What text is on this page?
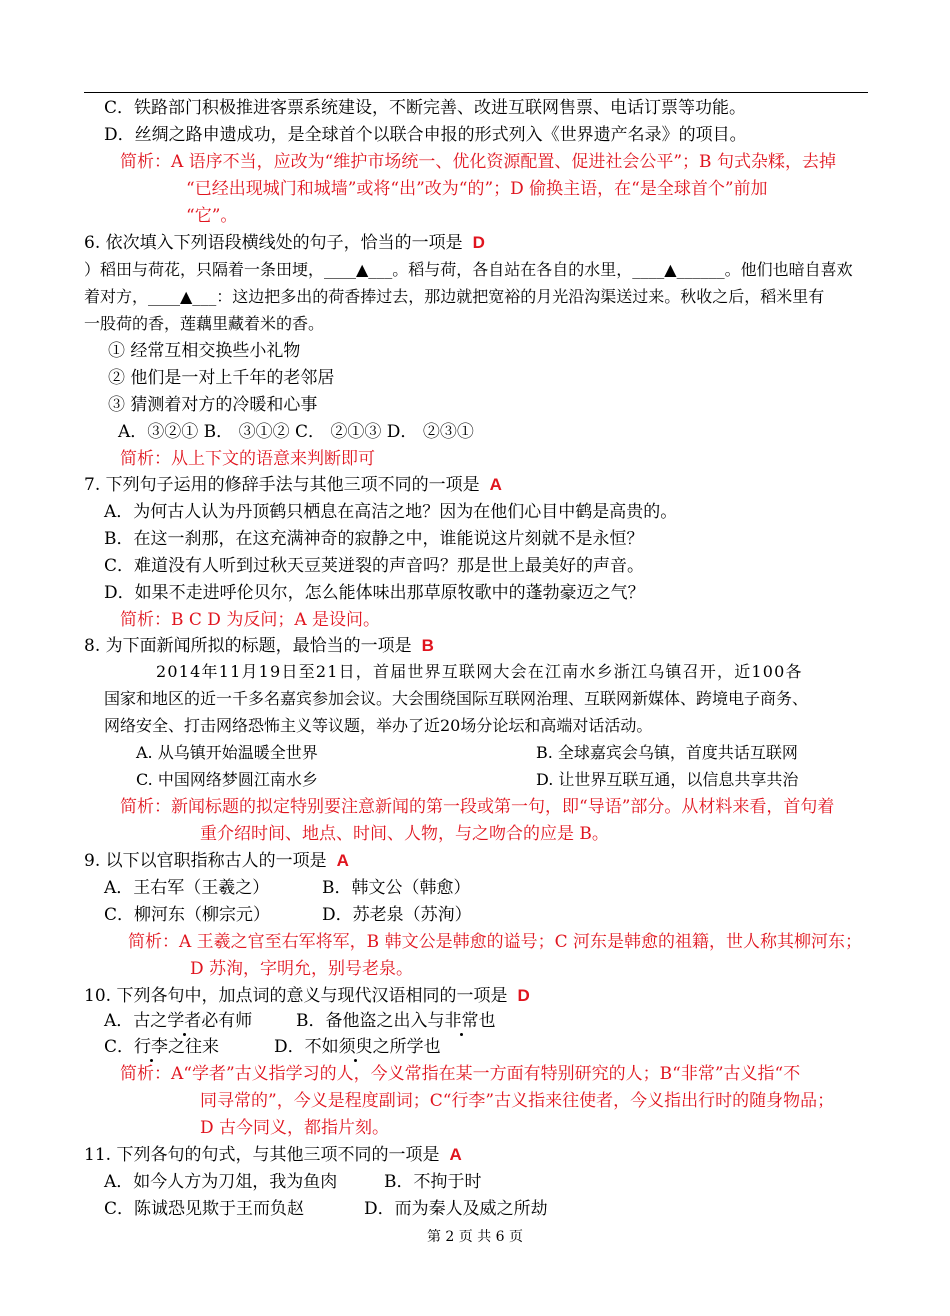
C．铁路部门积极推进客票系统建设，不断完善、改进互联网售票、电话订票等功能。
D．丝绸之路申遗成功，是全球首个以联合申报的形式列入《世界遗产名录》的项目。
简析：A 语序不当，应改为“维护市场统一、优化资源配置、促进社会公平”；B 句式杂糅，去掉
“已经出现城门和城墙”或将“出”改为“的”；D 偷换主语，在“是全球首个”前加
“它”。
6. 依次填入下列语段横线处的句子，恰当的一项是 D
）稻田与荷花，只隔着一条田埂，____▲___。稻与荷，各自站在各自的水里，____▲______。他们也暗自喜欢
着对方，____▲___：这边把多出的荷香捧过去，那边就把宽裕的月光沿沟渠送过来。秋收之后，稻米里有
一股荷的香，莲藕里藏着米的香。
① 经常互相交换些小礼物
② 他们是一对上千年的老邻居
③ 猜测着对方的冷暖和心事
A．③②① B． ③①② C． ②①③ D． ②③①
简析：从上下文的语意来判断即可
7. 下列句子运用的修辞手法与其他三项不同的一项是 A
A．为何古人认为丹顶鹤只栖息在高洁之地？因为在他们心目中鹤是高贵的。
B．在这一刹那，在这充满神奇的寂静之中，谁能说这片刻就不是永恒？
C．难道没有人听到过秋天豆荚迸裂的声音吗？那是世上最美好的声音。
D．如果不走进呼伦贝尔，怎么能体味出那草原牧歌中的蓬勃豪迈之气？
简析：B C D 为反问；A 是设问。
8. 为下面新闻所拟的标题，最恰当的一项是 B
2014年11月19日至21日，首届世界互联网大会在江南水乡浙江乌镇召开，近100各
国家和地区的近一千多名嘉宾参加会议。大会围绕国际互联网治理、互联网新媒体、跨境电子商务、
网络安全、打击网络恐怖主义等议题，举办了近20场分论坛和高端对话活动。
A. 从乌镇开始温暖全世界	B. 全球嘉宾会乌镇，首度共话互联网
C. 中国网络梦圆江南水乡	D. 让世界互联互通，以信息共享共治
简析：新闻标题的拟定特别要注意新闻的第一段或第一句，即“导语”部分。从材料来看，首句着
重介绍时间、地点、时间、人物，与之吻合的应是 B。
9. 以下以官职指称古人的一项是 A
A．王右军（王羲之）	B．韩文公（韩愈）
C．柳河东（柳宗元）	D．苏老泉（苏洵）
简析：A 王羲之官至右军将军，B 韩文公是韩愈的谥号；C 河东是韩愈的祖籍，世人称其柳河东；
D 苏洵，字明允，别号老泉。
10. 下列各句中，加点词的意义与现代汉语相同的一项是 D
A．古之学者必有师	B．备他盗之出入与非常也
C．行李之往来	D．不如须臾之所学也
简析：A“学者”古义指学习的人，今义常指在某一方面有特别研究的人；B“非常”古义指“不
同寻常的”，今义是程度副词；C“行李”古义指来往使者，今义指出行时的随身物品；
D 古今同义，都指片刻。
11. 下列各句的句式，与其他三项不同的一项是 A
A．如今人方为刀俎，我为鱼肉	B．不拘于时
C．陈诚恐见欺于王而负赵	D．而为秦人及威之所劫
第 2 页 共 6 页
